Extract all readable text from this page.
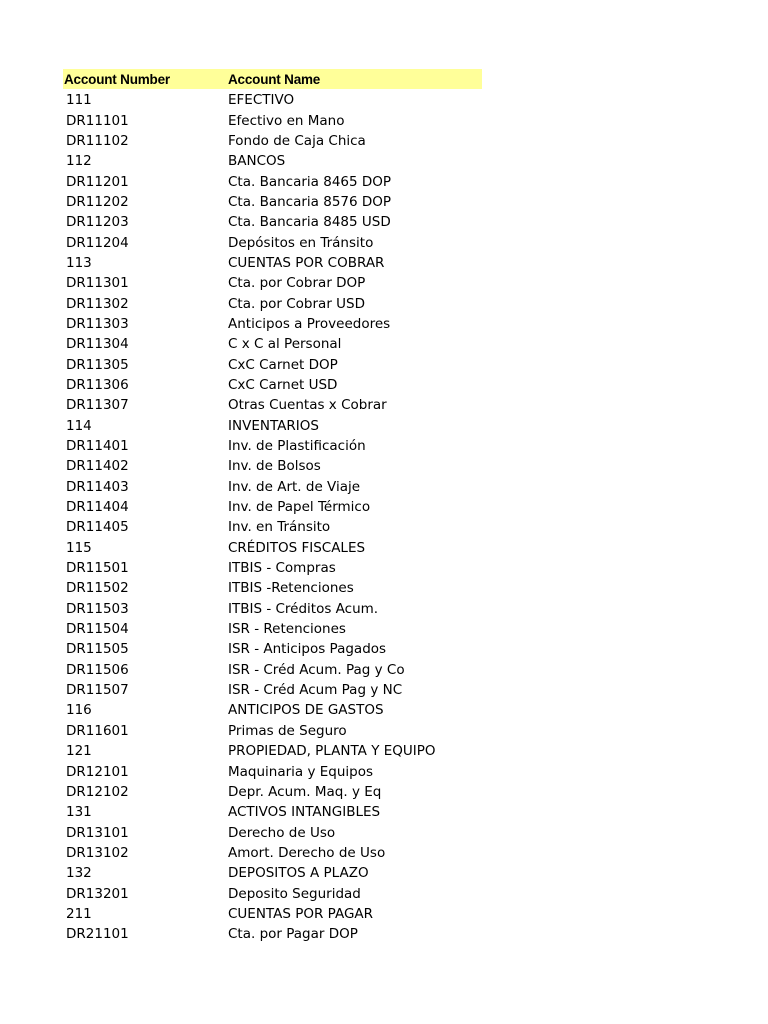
Account Number	Account Name
111	EFECTIVO
DR11101	Efectivo en Mano
DR11102	Fondo de Caja Chica
112	BANCOS
DR11201	Cta. Bancaria 8465 DOP
DR11202	Cta. Bancaria 8576 DOP
DR11203	Cta. Bancaria 8485 USD
DR11204	Depósitos en Tránsito
113	CUENTAS POR COBRAR
DR11301	Cta. por Cobrar DOP
DR11302	Cta. por Cobrar USD
DR11303	Anticipos a Proveedores
DR11304	C x C al Personal
DR11305	CxC Carnet DOP
DR11306	CxC Carnet USD
DR11307	Otras Cuentas x Cobrar
114	INVENTARIOS
DR11401	Inv. de Plastificación
DR11402	Inv. de Bolsos
DR11403	Inv. de Art. de Viaje
DR11404	Inv. de Papel Térmico
DR11405	Inv. en Tránsito
115	CRÉDITOS FISCALES
DR11501	ITBIS - Compras
DR11502	ITBIS -Retenciones
DR11503	ITBIS - Créditos Acum.
DR11504	ISR - Retenciones
DR11505	ISR - Anticipos Pagados
DR11506	ISR - Créd Acum. Pag y Co
DR11507	ISR - Créd Acum Pag y NC
116	ANTICIPOS DE GASTOS
DR11601	Primas de Seguro
121	PROPIEDAD, PLANTA Y EQUIPO
DR12101	Maquinaria y Equipos
DR12102	Depr. Acum. Maq. y Eq
131	ACTIVOS INTANGIBLES
DR13101	Derecho de Uso
DR13102	Amort. Derecho de Uso
132	DEPOSITOS A PLAZO
DR13201	Deposito Seguridad
211	CUENTAS POR PAGAR
DR21101	Cta. por Pagar DOP
